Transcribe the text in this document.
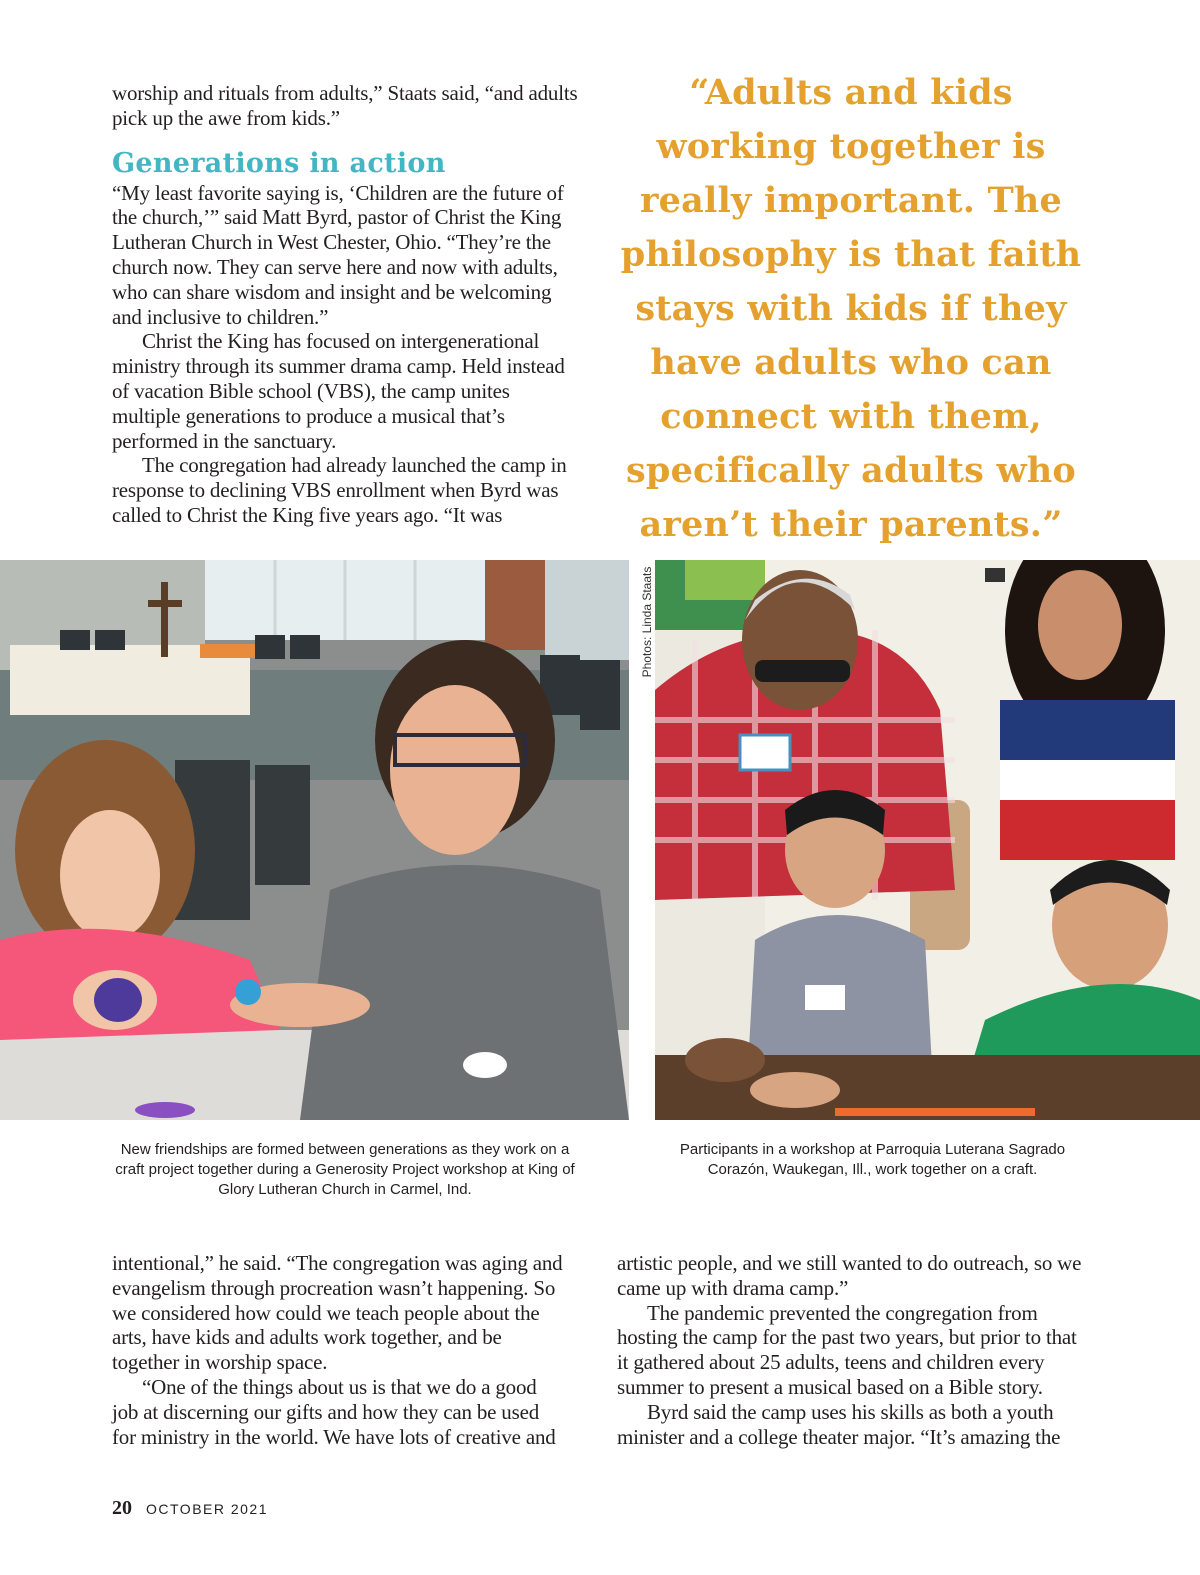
worship and rituals from adults,” Staats said, “and adults pick up the awe from kids.”

Generations in action

“My least favorite saying is, ‘Children are the future of the church,’” said Matt Byrd, pastor of Christ the King Lutheran Church in West Chester, Ohio. “They’re the church now. They can serve here and now with adults, who can share wisdom and insight and be welcoming and inclusive to children.”

Christ the King has focused on intergenerational ministry through its summer drama camp. Held instead of vacation Bible school (VBS), the camp unites multiple generations to produce a musical that’s performed in the sanctuary.

The congregation had already launched the camp in response to declining VBS enrollment when Byrd was called to Christ the King five years ago. “It was

“Adults and kids working together is really important. The philosophy is that faith stays with kids if they have adults who can connect with them, specifically adults who aren’t their parents.”
Photos: Linda Staats
New friendships are formed between generations as they work on a craft project together during a Generosity Project workshop at King of Glory Lutheran Church in Carmel, Ind.
Participants in a workshop at Parroquia Luterana Sagrado Corazón, Waukegan, Ill., work together on a craft.

intentional,” he said. “The congregation was aging and evangelism through procreation wasn’t happening. So we considered how could we teach people about the arts, have kids and adults work together, and be together in worship space.

“One of the things about us is that we do a good job at discerning our gifts and how they can be used for ministry in the world. We have lots of creative and

artistic people, and we still wanted to do outreach, so we came up with drama camp.”

The pandemic prevented the congregation from hosting the camp for the past two years, but prior to that it gathered about 25 adults, teens and children every summer to present a musical based on a Bible story.

Byrd said the camp uses his skills as both a youth minister and a college theater major. “It’s amazing the

20 OCTOBER 2021
